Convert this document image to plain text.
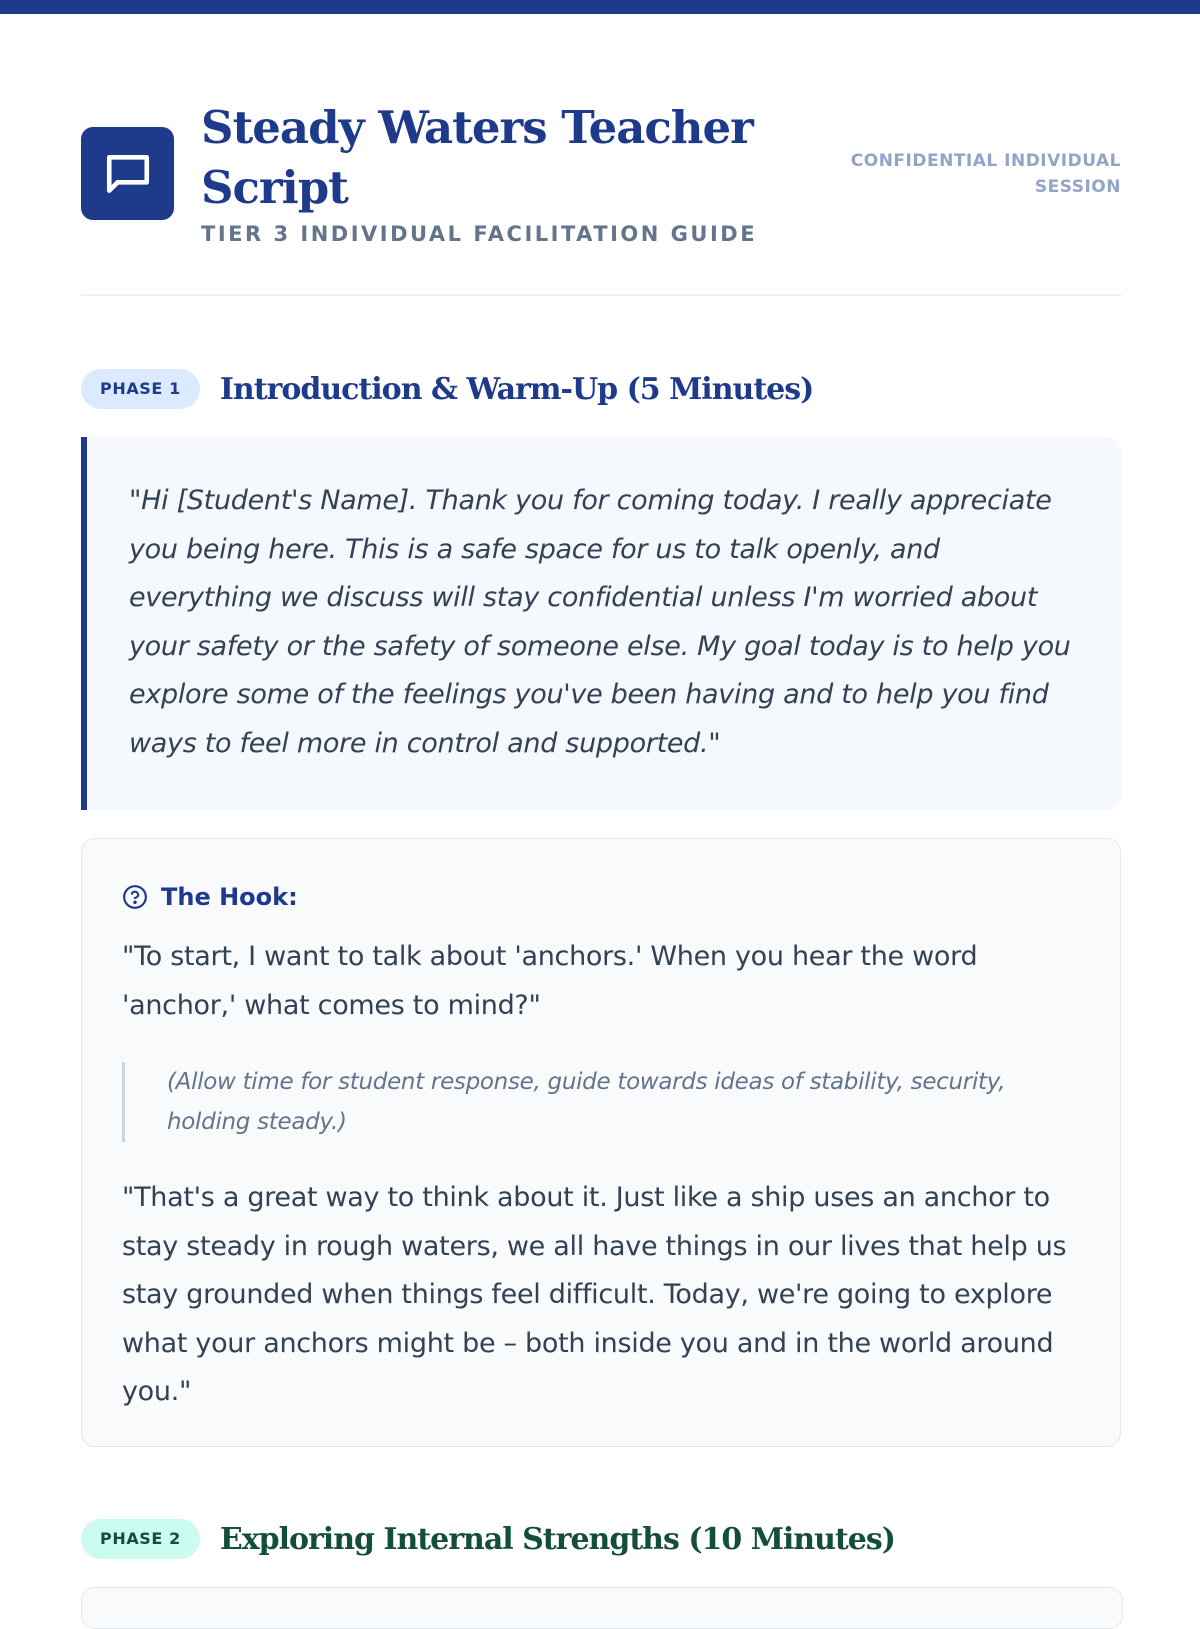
Steady Waters Teacher Script
TIER 3 INDIVIDUAL FACILITATION GUIDE
CONFIDENTIAL INDIVIDUAL SESSION
PHASE 1	Introduction & Warm-Up (5 Minutes)
"Hi [Student's Name]. Thank you for coming today. I really appreciate you being here. This is a safe space for us to talk openly, and everything we discuss will stay confidential unless I'm worried about your safety or the safety of someone else. My goal today is to help you explore some of the feelings you've been having and to help you find ways to feel more in control and supported."
The Hook:
"To start, I want to talk about 'anchors.' When you hear the word 'anchor,' what comes to mind?"
(Allow time for student response, guide towards ideas of stability, security, holding steady.)
"That's a great way to think about it. Just like a ship uses an anchor to stay steady in rough waters, we all have things in our lives that help us stay grounded when things feel difficult. Today, we're going to explore what your anchors might be – both inside you and in the world around you."
PHASE 2	Exploring Internal Strengths (10 Minutes)
